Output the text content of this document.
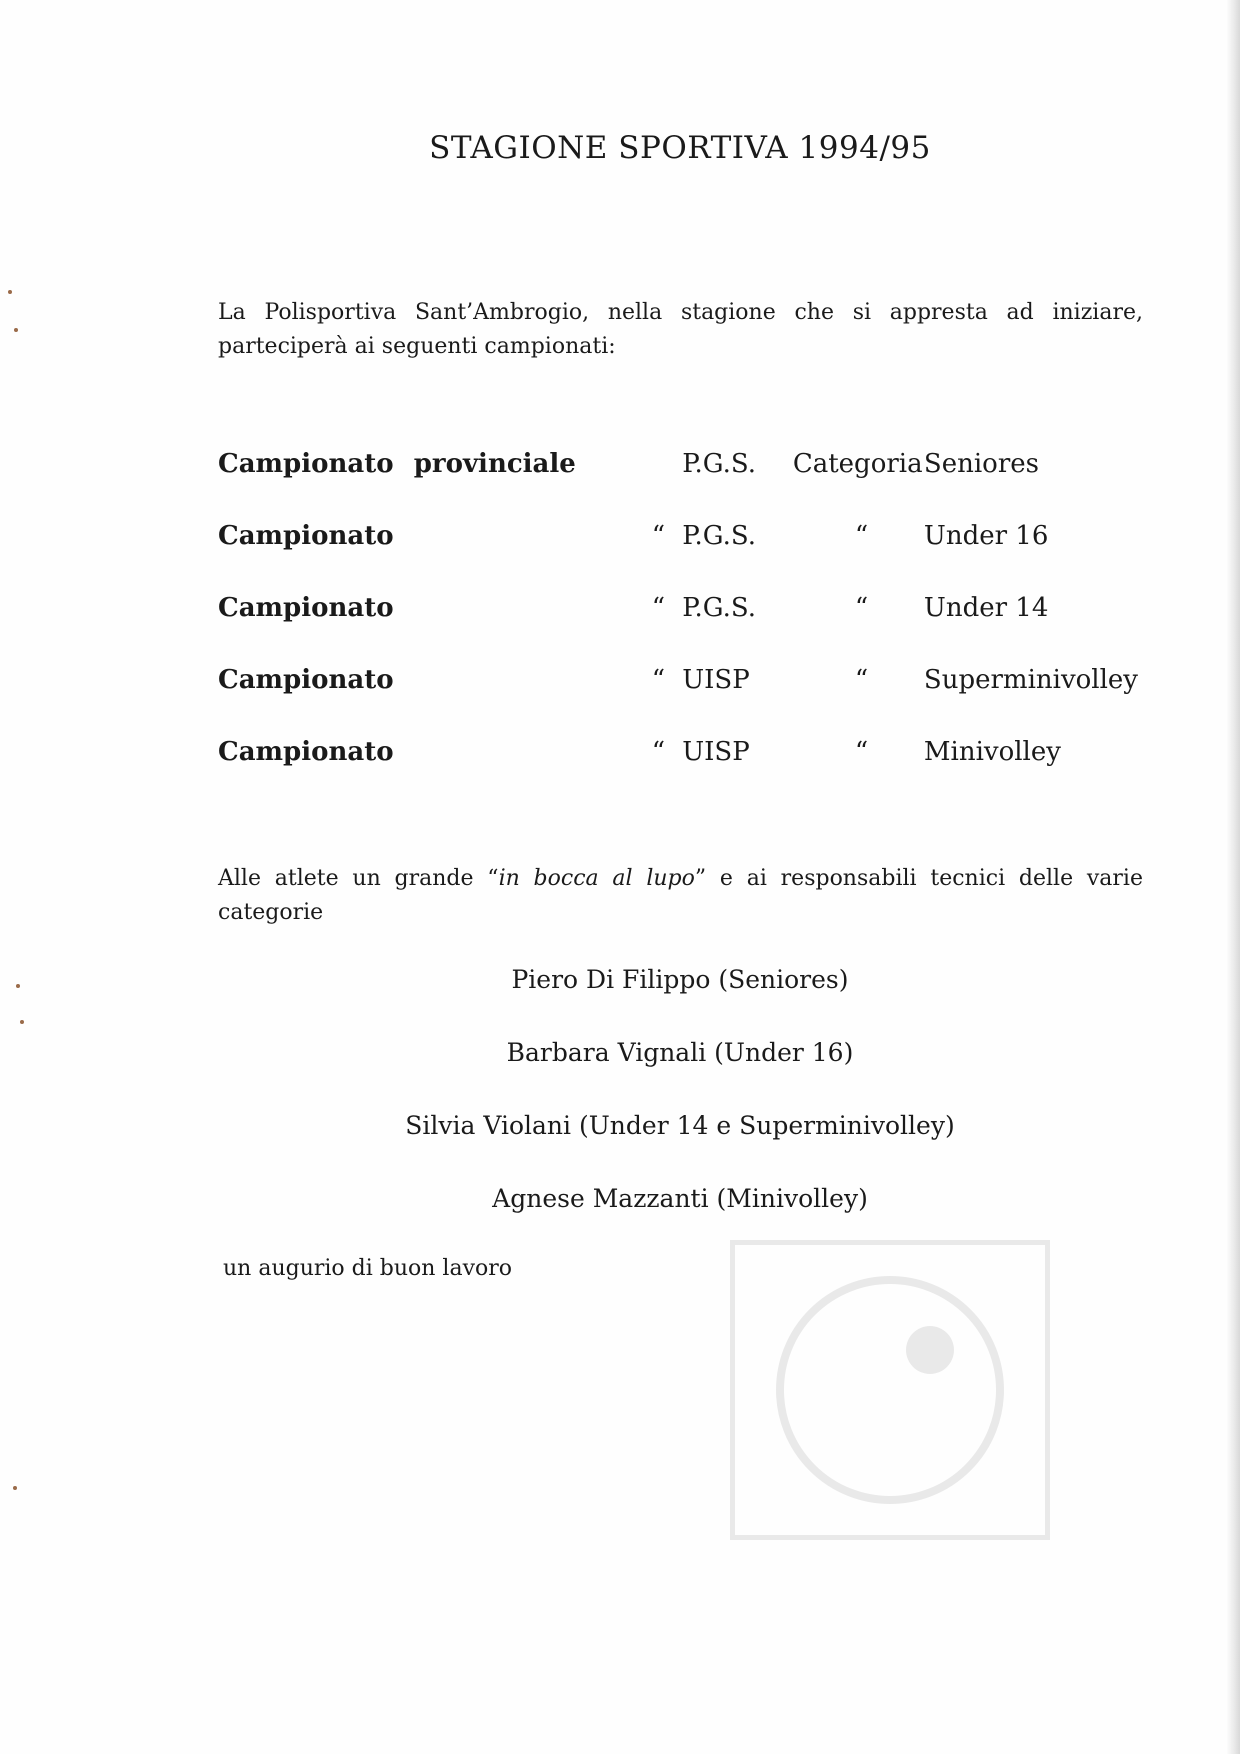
STAGIONE SPORTIVA 1994/95

La Polisportiva Sant’Ambrogio, nella stagione che si appresta ad iniziare, parteciperà ai seguenti campionati:

Campionato	provinciale	P.G.S.	Categoria	Seniores
Campionato	“	P.G.S.	“	Under 16
Campionato	“	P.G.S.	“	Under 14
Campionato	“	UISP	“	Superminivolley
Campionato	“	UISP	“	Minivolley

Alle atlete un grande “in bocca al lupo” e ai responsabili tecnici delle varie categorie

Piero Di Filippo (Seniores)
Barbara Vignali (Under 16)
Silvia Violani (Under 14 e Superminivolley)
Agnese Mazzanti (Minivolley)

un augurio di buon lavoro
